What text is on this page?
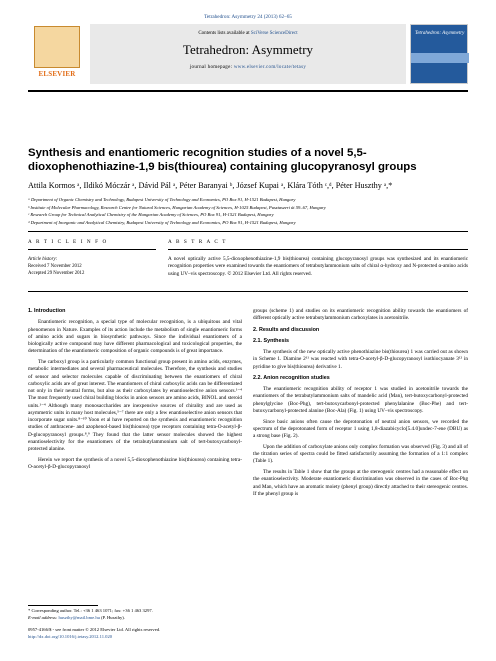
Tetrahedron: Asymmetry 24 (2013) 62–65
ELSEVIER
Contents lists available at SciVerse ScienceDirect
Tetrahedron: Asymmetry
journal homepage: www.elsevier.com/locate/tetasy
Tetrahedron: Asymmetry
Synthesis and enantiomeric recognition studies of a novel 5,5-dioxophenothiazine-1,9 bis(thiourea) containing glucopyranosyl groups
Attila Kormos ᵃ, Ildikó Móczár ᵃ, Dávid Pál ᵃ, Péter Baranyai ᵇ, József Kupai ᵃ, Klára Tóth ᶜ,ᵈ, Péter Huszthy ᵃ,*
ᵃ Department of Organic Chemistry and Technology, Budapest University of Technology and Economics, PO Box 91, H-1521 Budapest, Hungary
ᵇ Institute of Molecular Pharmacology, Research Centre for Natural Sciences, Hungarian Academy of Sciences, H-1025 Budapest, Pusztaszeri út 59–67, Hungary
ᶜ Research Group for Technical Analytical Chemistry of the Hungarian Academy of Sciences, PO Box 91, H-1521 Budapest, Hungary
ᵈ Department of Inorganic and Analytical Chemistry, Budapest University of Technology and Economics, PO Box 91, H-1521 Budapest, Hungary
A R T I C L E I N F O	A B S T R A C T
Article history:
Received 7 November 2012
Accepted 29 November 2012
A novel optically active 5,5-dioxophenothiazine-1,9 bis(thiourea) containing glucopyranosyl groups was synthesized and its enantiomeric recognition properties were examined towards the enantiomers of tetrabutylammonium salts of chiral α-hydroxy and N-protected α-amino acids using UV–vis spectroscopy. © 2012 Elsevier Ltd. All rights reserved.
1. Introduction

Enantiomeric recognition, a special type of molecular recognition, is a ubiquitous and vital phenomenon in Nature. Examples of its action include the metabolism of single enantiomeric forms of amino acids and sugars in biosynthetic pathways. Since the individual enantiomers of a biologically active compound may have different pharmacological and toxicological properties, the determination of the enantiomeric composition of organic compounds is of great importance.

The carboxyl group is a particularly common functional group present in amino acids, enzymes, metabolic intermediates and several pharmaceutical molecules. Therefore, the synthesis and studies of sensor and selector molecules capable of discriminating between the enantiomers of chiral carboxylic acids are of great interest. The enantiomers of chiral carboxylic acids can be differentiated not only in their neutral forms, but also as their carboxylates by enantioselective anion sensors.¹⁻⁴ The most frequently used chiral building blocks in anion sensors are amino acids, BINOL and steroid units.¹⁻⁴ Although many monosaccharides are inexpensive sources of chirality and are used as asymmetric units in many host molecules,⁵⁻⁷ there are only a few enantioselective anion sensors that incorporate sugar units.⁸⁻¹⁰ Yoon et al have reported on the synthesis and enantiomeric recognition studies of anthracene- and azophenol-based bis(thiourea) type receptors containing tetra-O-acetyl-β-D-glucopyranosyl groups.⁸,⁹ They found that the latter sensor molecules showed the highest enantioselectivity for the enantiomers of the tetrabutylammonium salt of tert-butoxycarbonyl-protected alanine.

Herein we report the synthesis of a novel 5,5-dioxophenothiazine bis(thiourea) containing tetra-O-acetyl-β-D-glucopyranosyl

groups (scheme 1) and studies on its enantiomeric recognition ability towards the enantiomers of different optically active tetrabutylammonium carboxylates in acetonitrile.

2. Results and discussion
2.1. Synthesis

The synthesis of the new optically active phenothiazine bis(thiourea) 1 was carried out as shown in Scheme 1. Diamine 2¹¹ was reacted with tetra-O-acetyl-β-D-glucopyranosyl isothiocyanate 3¹² in pyridine to give bis(thiourea) derivative 1.

2.2. Anion recognition studies

The enantiomeric recognition ability of receptor 1 was studied in acetonitrile towards the enantiomers of the tetrabutylammonium salts of mandelic acid (Man), tert-butoxycarbonyl-protected phenylglycine (Boc-Phg), tert-butoxycarbonyl-protected phenylalanine (Boc-Phe) and tert-butoxycarbonyl-protected alanine (Boc-Ala) (Fig. 1) using UV–vis spectroscopy.

Since basic anions often cause the deprotonation of neutral anion sensors, we recorded the spectrum of the deprotonated form of receptor 1 using 1,8-diazabicyclo[5.4.0]undec-7-ene (DBU) as a strong base (Fig. 2).

Upon the addition of carboxylate anions only complex formation was observed (Fig. 3) and all of the titration series of spectra could be fitted satisfactorily assuming the formation of a 1:1 complex (Table 1).

The results in Table 1 show that the groups at the stereogenic centres had a reasonable effect on the enantioselectivity. Moderate enantiomeric discrimination was observed in the cases of Boc-Phg and Man, which have an aromatic moiety (phenyl group) directly attached to their stereogenic centres. If the phenyl group is

* Corresponding author. Tel.: +36 1 463 1071; fax: +36 1 463 3297.
E-mail address: huszthy@mail.bme.hu (P. Huszthy).
0957-4166/$ - see front matter © 2012 Elsevier Ltd. All rights reserved.
http://dx.doi.org/10.1016/j.tetasy.2012.11.020
